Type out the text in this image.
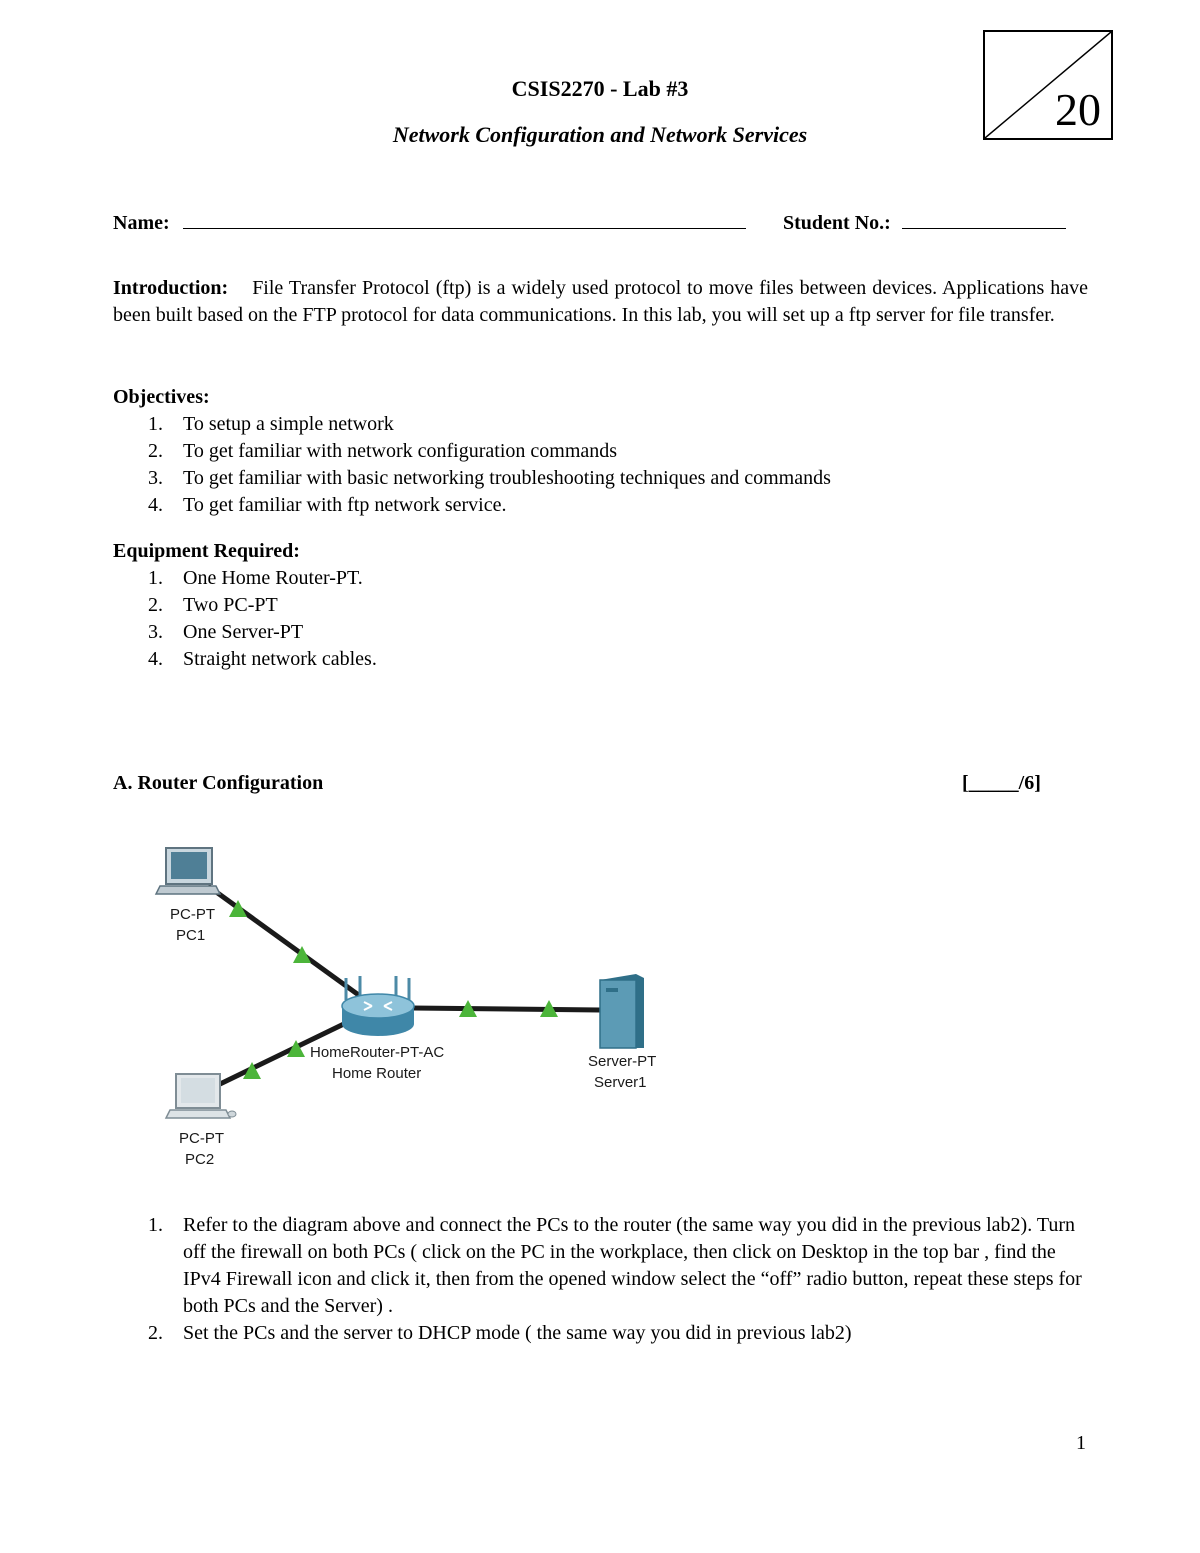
CSIS2270 - Lab #3
Network Configuration and Network Services	20
Name:	Student No.:
Introduction: File Transfer Protocol (ftp) is a widely used protocol to move files between devices. Applications have been built based on the FTP protocol for data communications. In this lab, you will set up a ftp server for file transfer.
Objectives:
1. To setup a simple network
2. To get familiar with network configuration commands
3. To get familiar with basic networking troubleshooting techniques and commands
4. To get familiar with ftp network service.
Equipment Required:
1. One Home Router-PT.
2. Two PC-PT
3. One Server-PT
4. Straight network cables.
A. Router Configuration	[_____/6]
PC-PT
PC1
PC-PT
PC2
HomeRouter-PT-AC
Home Router
Server-PT
Server1
1. Refer to the diagram above and connect the PCs to the router (the same way you did in the previous lab2). Turn off the firewall on both PCs ( click on the PC in the workplace, then click on Desktop in the top bar , find the IPv4 Firewall icon and click it, then from the opened window select the “off” radio button, repeat these steps for both PCs and the Server) .
2. Set the PCs and the server to DHCP mode ( the same way you did in previous lab2)
1
